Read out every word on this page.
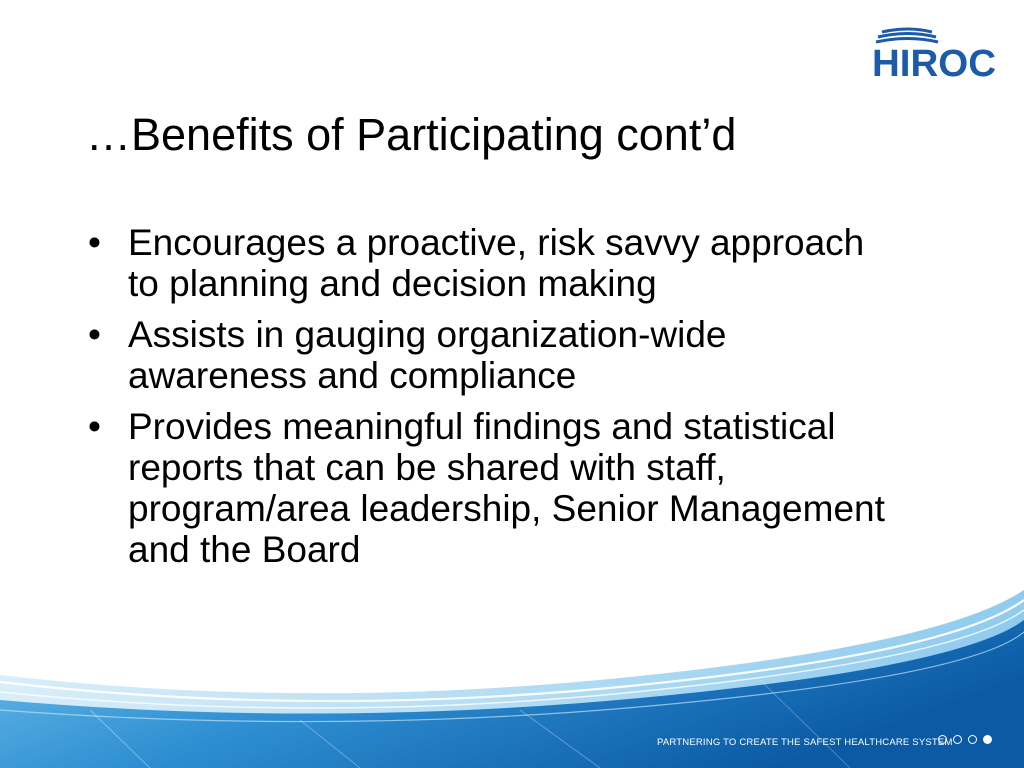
HIROC
…Benefits of Participating cont’d
• Encourages a proactive, risk savvy approach to planning and decision making
• Assists in gauging organization-wide awareness and compliance
• Provides meaningful findings and statistical reports that can be shared with staff, program/area leadership, Senior Management and the Board
PARTNERING TO CREATE THE SAFEST HEALTHCARE SYSTEM
